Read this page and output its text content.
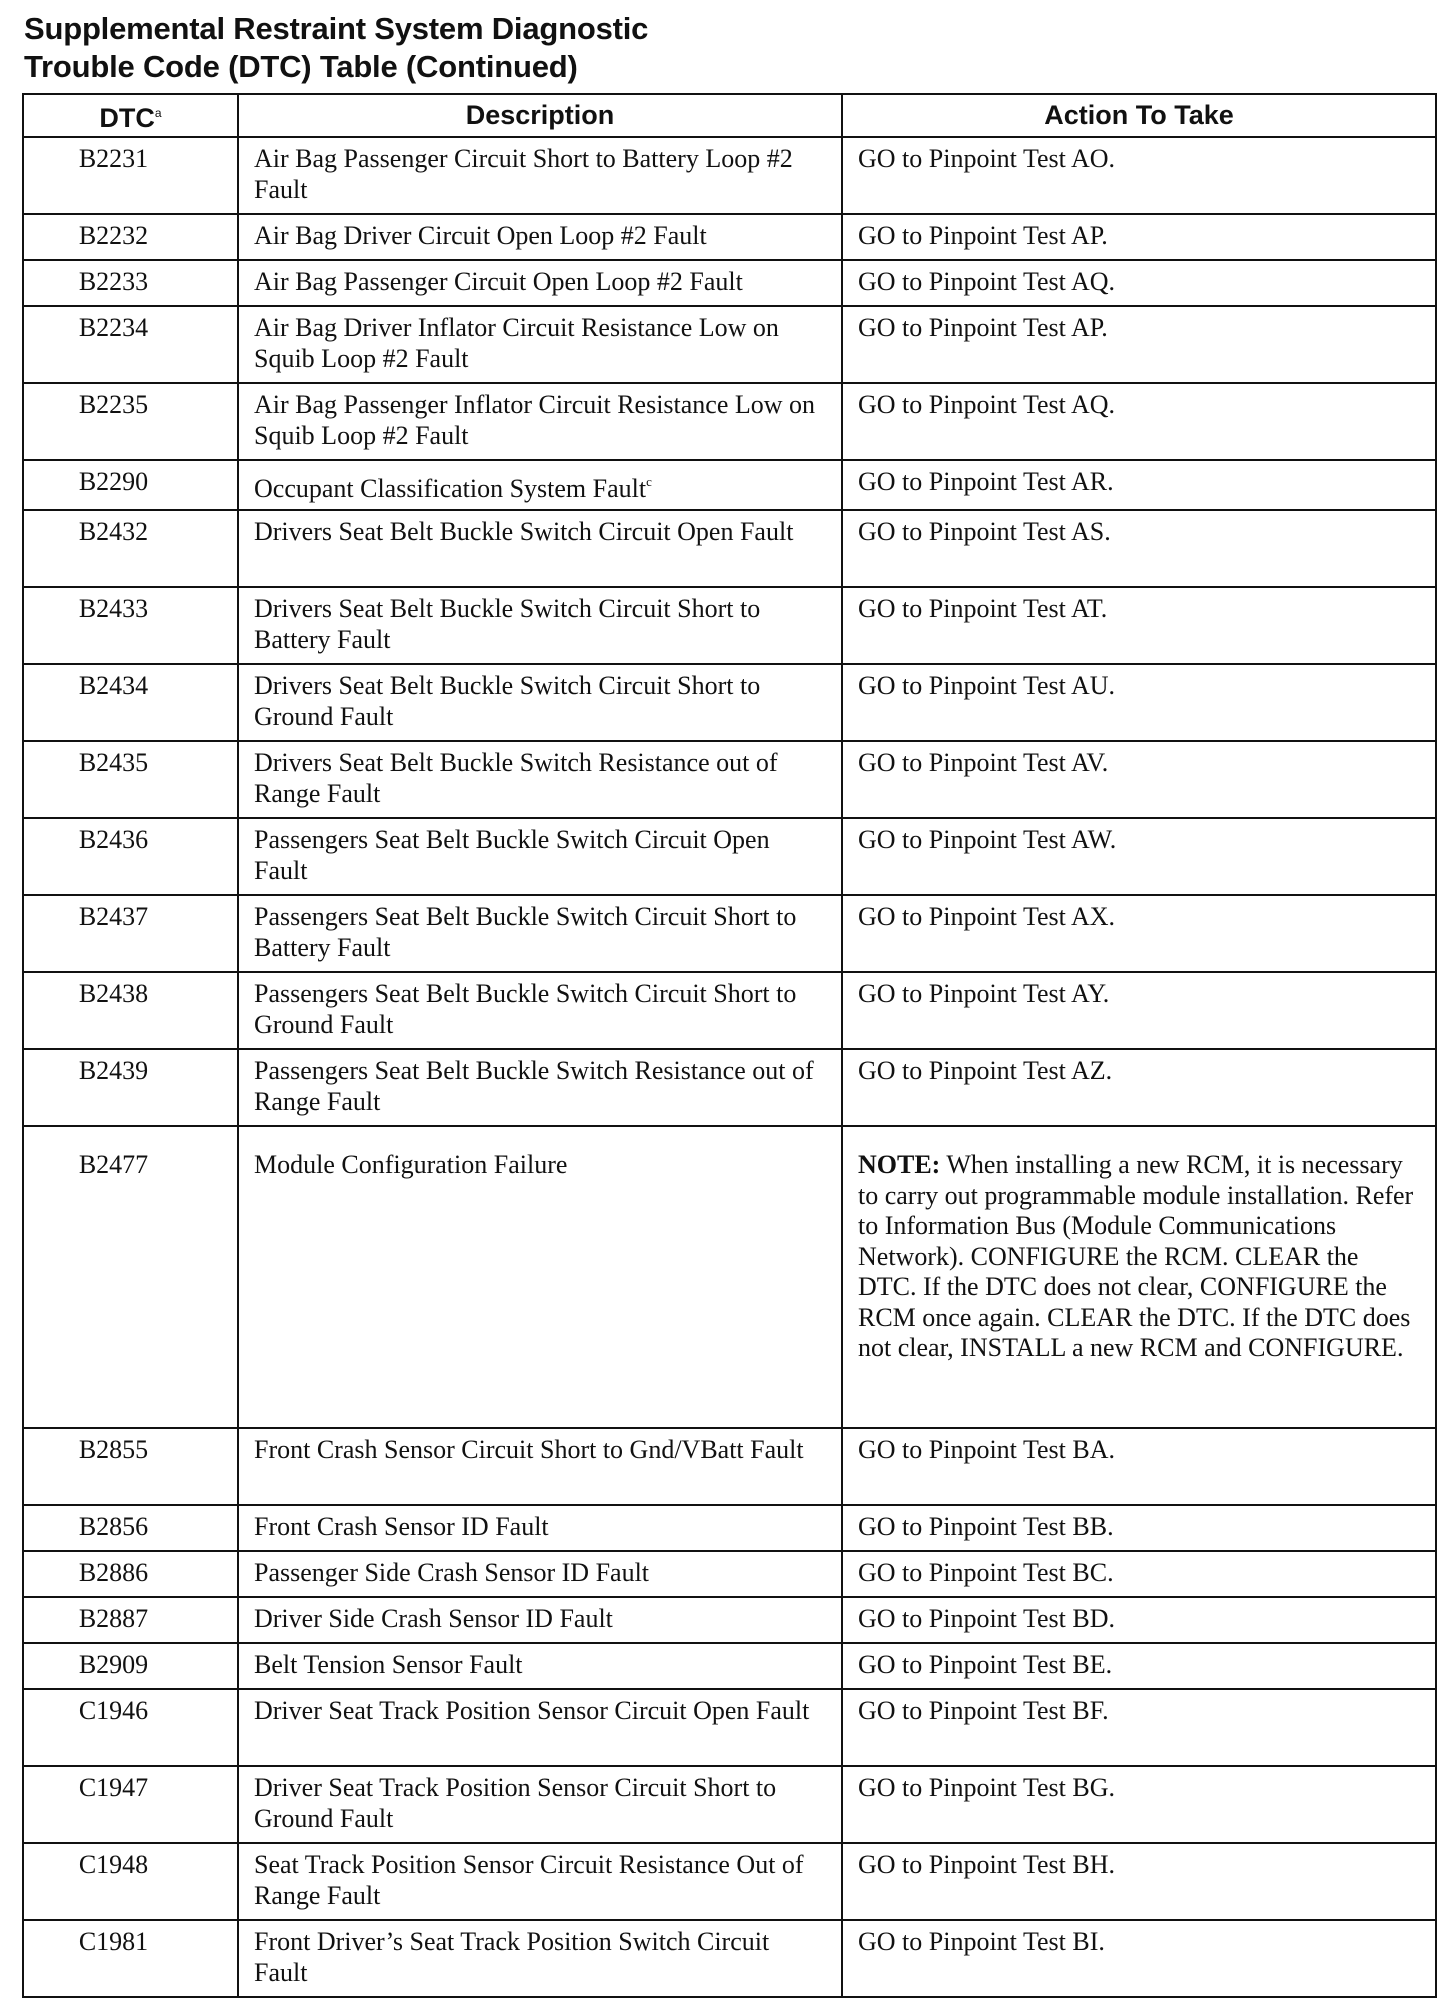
Supplemental Restraint System Diagnostic
Trouble Code (DTC) Table (Continued)
DTC$^a$	Description	Action To Take
B2231	Air Bag Passenger Circuit Short to Battery Loop #2 Fault	GO to Pinpoint Test AO.
B2232	Air Bag Driver Circuit Open Loop #2 Fault	GO to Pinpoint Test AP.
B2233	Air Bag Passenger Circuit Open Loop #2 Fault	GO to Pinpoint Test AQ.
B2234	Air Bag Driver Inflator Circuit Resistance Low on Squib Loop #2 Fault	GO to Pinpoint Test AP.
B2235	Air Bag Passenger Inflator Circuit Resistance Low on Squib Loop #2 Fault	GO to Pinpoint Test AQ.
B2290	Occupant Classification System Fault$^c$	GO to Pinpoint Test AR.
B2432	Drivers Seat Belt Buckle Switch Circuit Open Fault	GO to Pinpoint Test AS.
B2433	Drivers Seat Belt Buckle Switch Circuit Short to Battery Fault	GO to Pinpoint Test AT.
B2434	Drivers Seat Belt Buckle Switch Circuit Short to Ground Fault	GO to Pinpoint Test AU.
B2435	Drivers Seat Belt Buckle Switch Resistance out of Range Fault	GO to Pinpoint Test AV.
B2436	Passengers Seat Belt Buckle Switch Circuit Open Fault	GO to Pinpoint Test AW.
B2437	Passengers Seat Belt Buckle Switch Circuit Short to Battery Fault	GO to Pinpoint Test AX.
B2438	Passengers Seat Belt Buckle Switch Circuit Short to Ground Fault	GO to Pinpoint Test AY.
B2439	Passengers Seat Belt Buckle Switch Resistance out of Range Fault	GO to Pinpoint Test AZ.

B2477	Module Configuration Failure	NOTE: When installing a new RCM, it is necessary to carry out programmable module installation. Refer to Information Bus (Module Communications Network). CONFIGURE the RCM. CLEAR the DTC. If the DTC does not clear, CONFIGURE the RCM once again. CLEAR the DTC. If the DTC does not clear, INSTALL a new RCM and CONFIGURE.

B2855	Front Crash Sensor Circuit Short to Gnd/VBatt Fault	GO to Pinpoint Test BA.
B2856	Front Crash Sensor ID Fault	GO to Pinpoint Test BB.
B2886	Passenger Side Crash Sensor ID Fault	GO to Pinpoint Test BC.
B2887	Driver Side Crash Sensor ID Fault	GO to Pinpoint Test BD.
B2909	Belt Tension Sensor Fault	GO to Pinpoint Test BE.
C1946	Driver Seat Track Position Sensor Circuit Open Fault	GO to Pinpoint Test BF.
C1947	Driver Seat Track Position Sensor Circuit Short to Ground Fault	GO to Pinpoint Test BG.
C1948	Seat Track Position Sensor Circuit Resistance Out of Range Fault	GO to Pinpoint Test BH.
C1981	Front Driver’s Seat Track Position Switch Circuit Fault	GO to Pinpoint Test BI.
